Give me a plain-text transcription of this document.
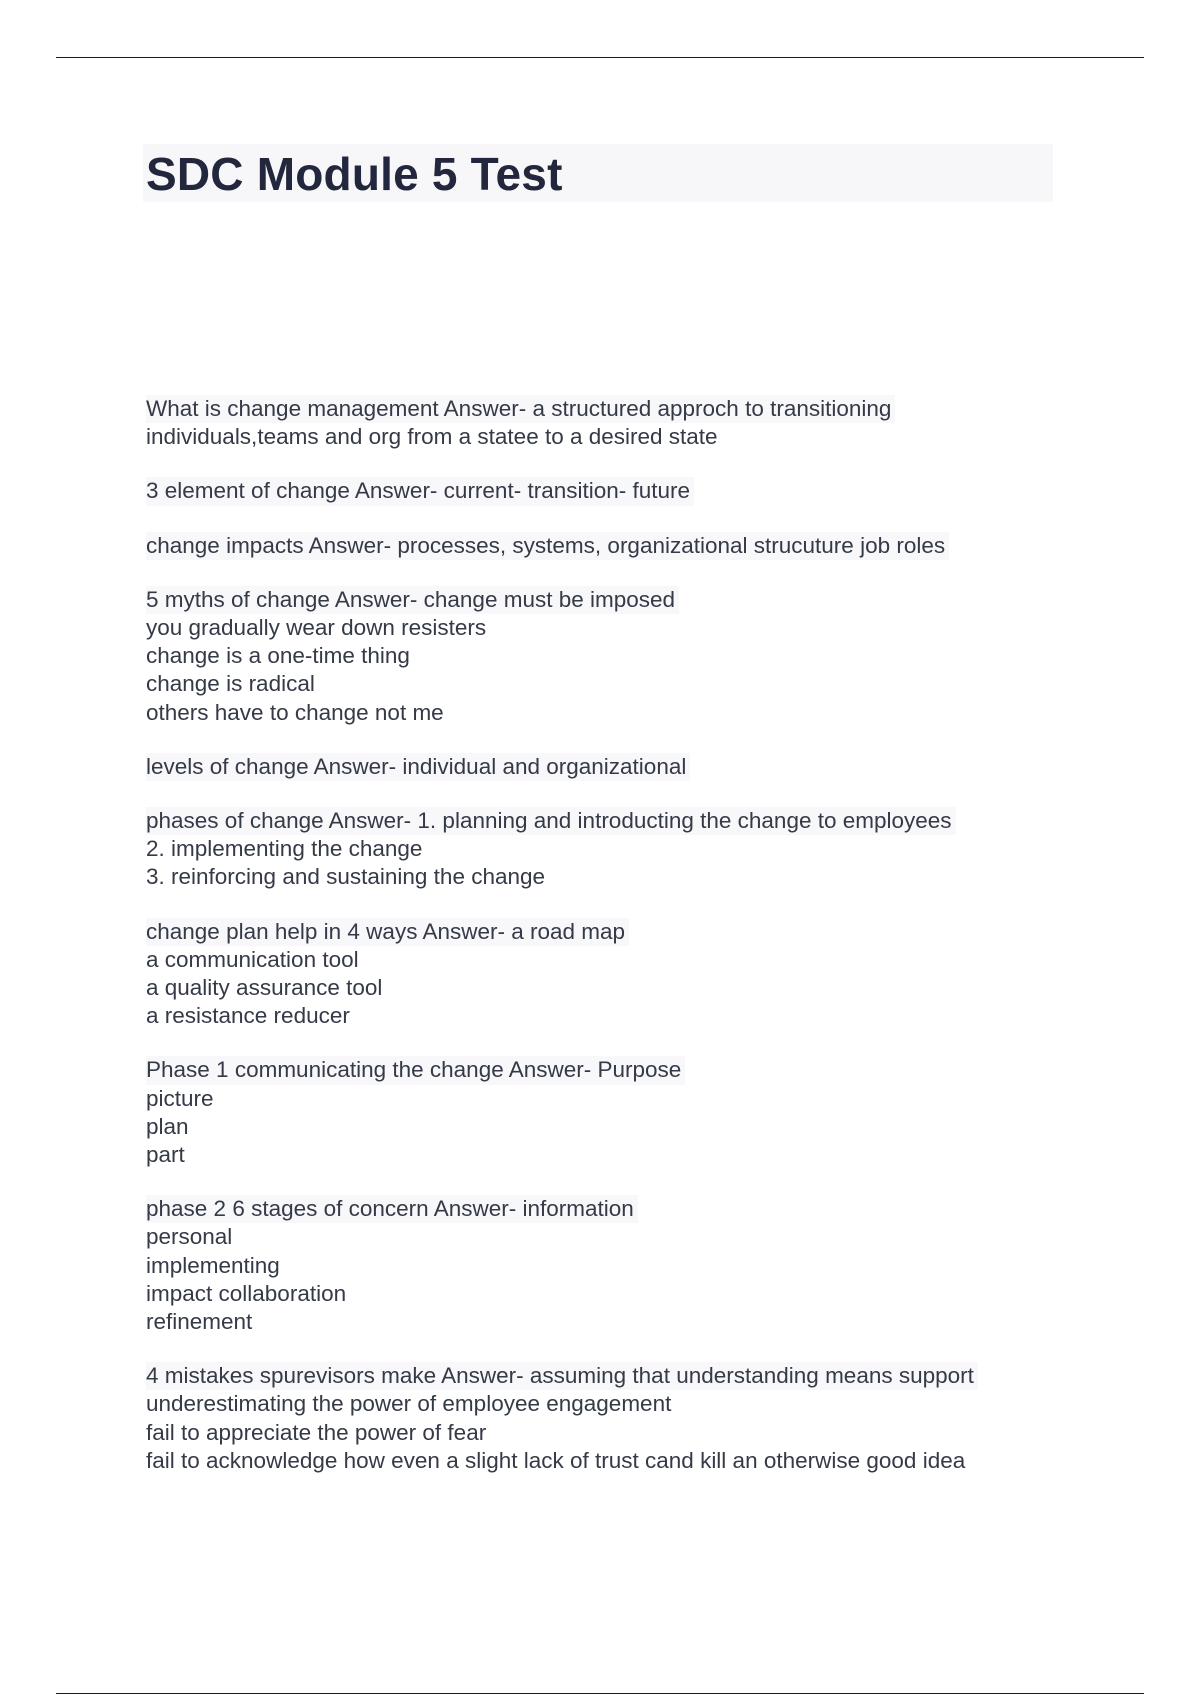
SDC Module 5 Test
What is change management Answer- a structured approch to transitioning
individuals,teams and org from a statee to a desired state
3 element of change Answer- current- transition- future
change impacts Answer- processes, systems, organizational strucuture job roles
5 myths of change Answer- change must be imposed
you gradually wear down resisters
change is a one-time thing
change is radical
others have to change not me
levels of change Answer- individual and organizational
phases of change Answer- 1. planning and introducting the change to employees
2. implementing the change
3. reinforcing and sustaining the change
change plan help in 4 ways Answer- a road map
a communication tool
a quality assurance tool
a resistance reducer
Phase 1 communicating the change Answer- Purpose
picture
plan
part
phase 2 6 stages of concern Answer- information
personal
implementing
impact collaboration
refinement
4 mistakes spurevisors make Answer- assuming that understanding means support
underestimating the power of employee engagement
fail to appreciate the power of fear
fail to acknowledge how even a slight lack of trust cand kill an otherwise good idea
